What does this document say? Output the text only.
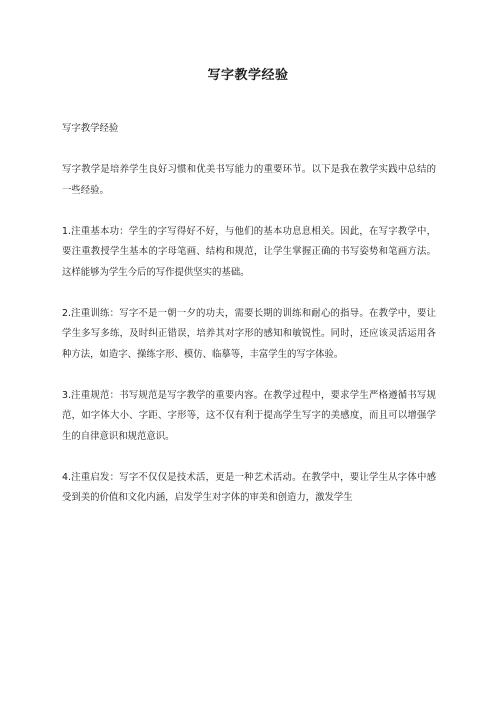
写字教学经验

写字教学经验

写字教学是培养学生良好习惯和优美书写能力的重要环节。以下是我在教学实践中总结的一些经验。

1.注重基本功：学生的字写得好不好，与他们的基本功息息相关。因此，在写字教学中，要注重教授学生基本的字母笔画、结构和规范，让学生掌握正确的书写姿势和笔画方法。这样能够为学生今后的写作提供坚实的基础。

2.注重训练：写字不是一朝一夕的功夫，需要长期的训练和耐心的指导。在教学中，要让学生多写多练，及时纠正错误，培养其对字形的感知和敏锐性。同时，还应该灵活运用各种方法，如造字、操练字形、模仿、临摹等，丰富学生的写字体验。

3.注重规范：书写规范是写字教学的重要内容。在教学过程中，要求学生严格遵循书写规范，如字体大小、字距、字形等，这不仅有利于提高学生写字的美感度，而且可以增强学生的自律意识和规范意识。

4.注重启发：写字不仅仅是技术活，更是一种艺术活动。在教学中，要让学生从字体中感受到美的价值和文化内涵，启发学生对字体的审美和创造力，激发学生
